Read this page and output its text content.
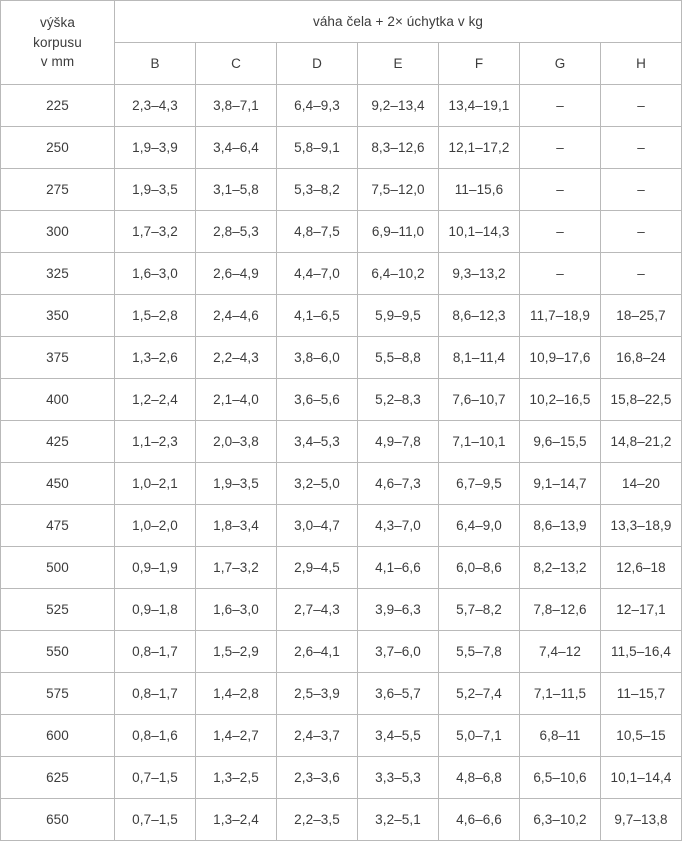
výška
korpusu
v mm	váha čela + 2× úchytka v kg						
	B	C	D	E	F	G	H
225	2,3–4,3	3,8–7,1	6,4–9,3	9,2–13,4	13,4–19,1	–	–
250	1,9–3,9	3,4–6,4	5,8–9,1	8,3–12,6	12,1–17,2	–	–
275	1,9–3,5	3,1–5,8	5,3–8,2	7,5–12,0	11–15,6	–	–
300	1,7–3,2	2,8–5,3	4,8–7,5	6,9–11,0	10,1–14,3	–	–
325	1,6–3,0	2,6–4,9	4,4–7,0	6,4–10,2	9,3–13,2	–	–
350	1,5–2,8	2,4–4,6	4,1–6,5	5,9–9,5	8,6–12,3	11,7–18,9	18–25,7
375	1,3–2,6	2,2–4,3	3,8–6,0	5,5–8,8	8,1–11,4	10,9–17,6	16,8–24
400	1,2–2,4	2,1–4,0	3,6–5,6	5,2–8,3	7,6–10,7	10,2–16,5	15,8–22,5
425	1,1–2,3	2,0–3,8	3,4–5,3	4,9–7,8	7,1–10,1	9,6–15,5	14,8–21,2
450	1,0–2,1	1,9–3,5	3,2–5,0	4,6–7,3	6,7–9,5	9,1–14,7	14–20
475	1,0–2,0	1,8–3,4	3,0–4,7	4,3–7,0	6,4–9,0	8,6–13,9	13,3–18,9
500	0,9–1,9	1,7–3,2	2,9–4,5	4,1–6,6	6,0–8,6	8,2–13,2	12,6–18
525	0,9–1,8	1,6–3,0	2,7–4,3	3,9–6,3	5,7–8,2	7,8–12,6	12–17,1
550	0,8–1,7	1,5–2,9	2,6–4,1	3,7–6,0	5,5–7,8	7,4–12	11,5–16,4
575	0,8–1,7	1,4–2,8	2,5–3,9	3,6–5,7	5,2–7,4	7,1–11,5	11–15,7
600	0,8–1,6	1,4–2,7	2,4–3,7	3,4–5,5	5,0–7,1	6,8–11	10,5–15
625	0,7–1,5	1,3–2,5	2,3–3,6	3,3–5,3	4,8–6,8	6,5–10,6	10,1–14,4
650	0,7–1,5	1,3–2,4	2,2–3,5	3,2–5,1	4,6–6,6	6,3–10,2	9,7–13,8
